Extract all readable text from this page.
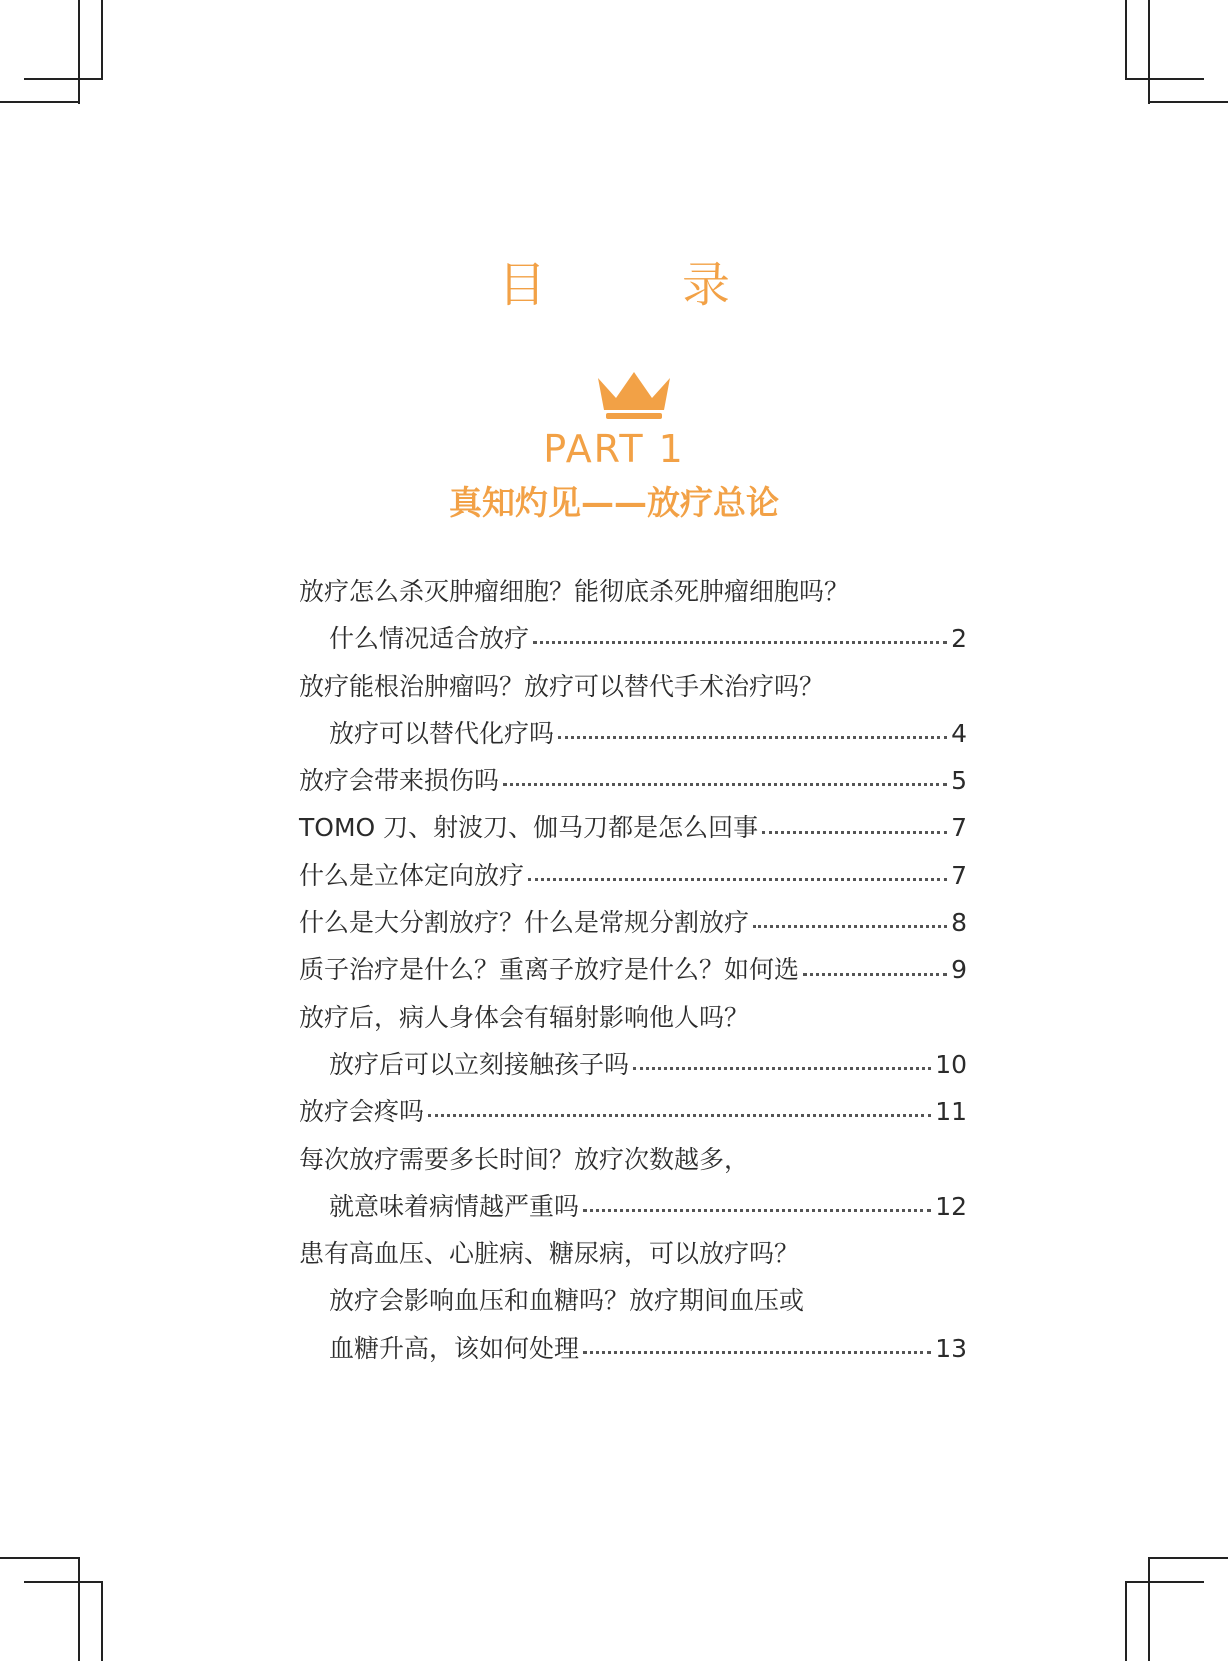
目　录
PART 1
真知灼见——放疗总论
放疗怎么杀灭肿瘤细胞？能彻底杀死肿瘤细胞吗？
什么情况适合放疗	2
放疗能根治肿瘤吗？放疗可以替代手术治疗吗？
放疗可以替代化疗吗	4
放疗会带来损伤吗	5
TOMO 刀、射波刀、伽马刀都是怎么回事	7
什么是立体定向放疗	7
什么是大分割放疗？什么是常规分割放疗	8
质子治疗是什么？重离子放疗是什么？如何选	9
放疗后，病人身体会有辐射影响他人吗？
放疗后可以立刻接触孩子吗	10
放疗会疼吗	11
每次放疗需要多长时间？放疗次数越多，
就意味着病情越严重吗	12
患有高血压、心脏病、糖尿病，可以放疗吗？
放疗会影响血压和血糖吗？放疗期间血压或
血糖升高，该如何处理	13
